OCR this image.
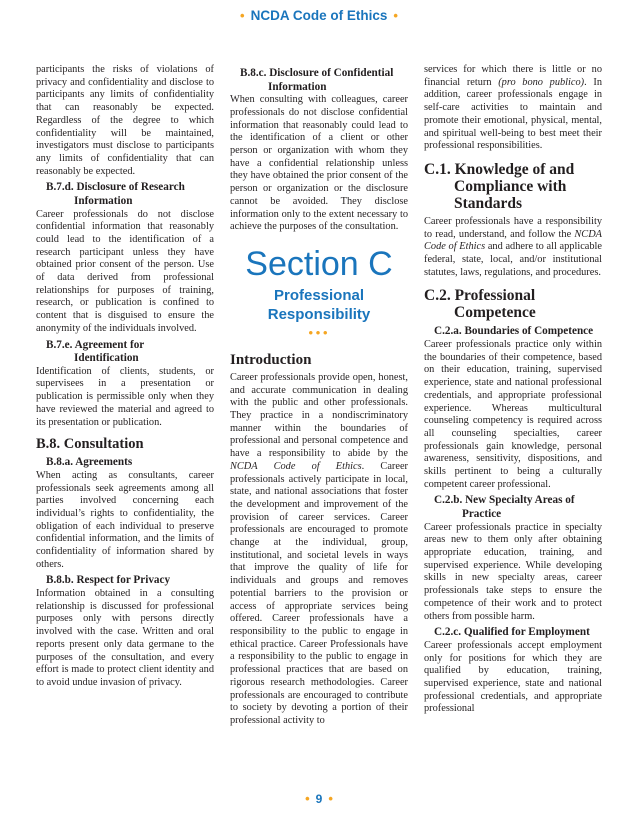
• NCDA Code of Ethics •

participants the risks of violations of privacy and confidentiality and disclose to participants any limits of confidentiality that can reasonably be expected. Regardless of the degree to which confidentiality will be maintained, investigators must disclose to participants any limits of confidentiality that can reasonably be expected.

B.7.d. Disclosure of Research
Information

Career professionals do not disclose confidential information that reasonably could lead to the identification of a research participant unless they have obtained prior consent of the person. Use of data derived from professional relationships for purposes of training, research, or publication is confined to content that is disguised to ensure the anonymity of the individuals involved.

B.7.e. Agreement for
Identification

Identification of clients, students, or supervisees in a presentation or publication is permissible only when they have reviewed the material and agreed to its presentation or publication.

B.8. Consultation
B.8.a. Agreements

When acting as consultants, career professionals seek agreements among all parties involved concerning each individual’s rights to confidentiality, the obligation of each individual to preserve confidential information, and the limits of confidentiality of information shared by others.

B.8.b. Respect for Privacy

Information obtained in a consulting relationship is discussed for professional purposes only with persons directly involved with the case. Written and oral reports present only data germane to the purposes of the consultation, and every effort is made to protect client identity and to avoid undue invasion of privacy.

B.8.c. Disclosure of Confidential
Information

When consulting with colleagues, career professionals do not disclose confidential information that reasonably could lead to the identification of a client or other person or organization with whom they have a confidential relationship unless they have obtained the prior consent of the person or organization or the disclosure cannot be avoided. They disclose information only to the extent necessary to achieve the purposes of the consultation.

Section C
Professional
Responsibility
•••
Introduction

Career professionals provide open, honest, and accurate communication in dealing with the public and other professionals. They practice in a nondiscriminatory manner within the boundaries of professional and personal competence and have a responsibility to abide by the NCDA Code of Ethics. Career professionals actively participate in local, state, and national associations that foster the development and improvement of the provision of career services. Career professionals are encouraged to promote change at the individual, group, institutional, and societal levels in ways that improve the quality of life for individuals and groups and removes potential barriers to the provision or access of appropriate services being offered. Career professionals have a responsibility to the public to engage in ethical practice. Career Professionals have a responsibility to the public to engage in professional practices that are based on rigorous research methodologies. Career professionals are encouraged to contribute to society by devoting a portion of their professional activity to

services for which there is little or no financial return (pro bono publico). In addition, career professionals engage in self-care activities to maintain and promote their emotional, physical, mental, and spiritual well-being to best meet their professional responsibilities.

C.1. Knowledge of and
Compliance with
Standards

Career professionals have a responsibility to read, understand, and follow the NCDA Code of Ethics and adhere to all applicable federal, state, local, and/or institutional statutes, laws, regulations, and procedures.

C.2. Professional
Competence
C.2.a. Boundaries of Competence

Career professionals practice only within the boundaries of their competence, based on their education, training, supervised experience, state and national professional credentials, and appropriate professional experience. Whereas multicultural counseling competency is required across all counseling specialties, career professionals gain knowledge, personal awareness, sensitivity, dispositions, and skills pertinent to being a culturally competent career professional.

C.2.b. New Specialty Areas of
Practice

Career professionals practice in specialty areas new to them only after obtaining appropriate education, training, and supervised experience. While developing skills in new specialty areas, career professionals take steps to ensure the competence of their work and to protect others from possible harm.

C.2.c. Qualified for Employment

Career professionals accept employment only for positions for which they are qualified by education, training, supervised experience, state and national professional credentials, and appropriate professional

• 9 •
